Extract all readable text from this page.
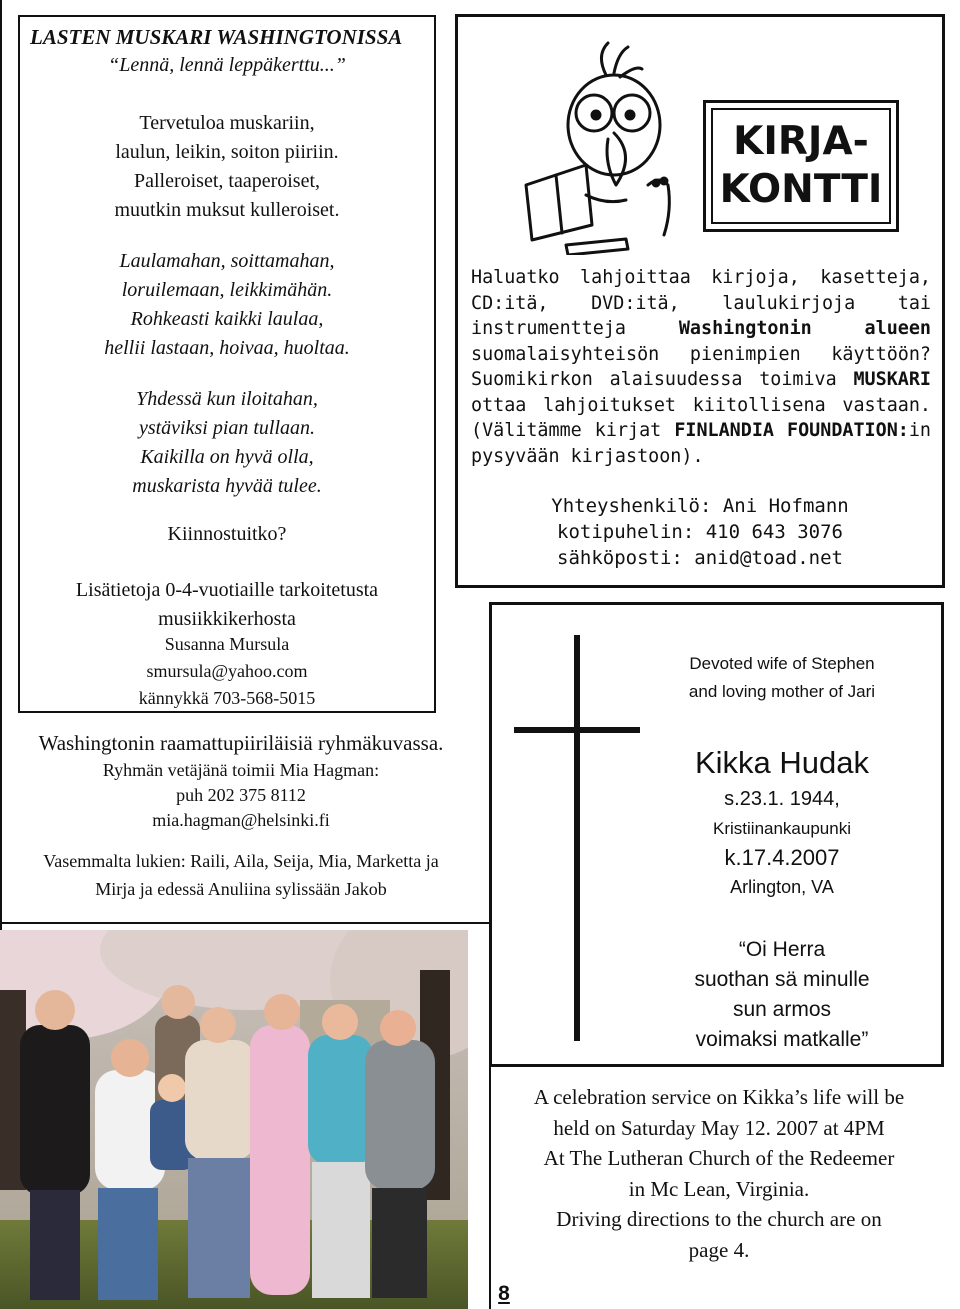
LASTEN MUSKARI WASHINGTONISSA
“Lennä, lennä leppäkerttu...”
Tervetuloa muskariin,
laulun, leikin, soiton piiriin.
Palleroiset, taaperoiset,
muutkin muksut kulleroiset.
Laulamahan, soittamahan,
loruilemaan, leikkimähän.
Rohkeasti kaikki laulaa,
hellii lastaan, hoivaa, huoltaa.
Yhdessä kun iloitahan,
ystäviksi pian tullaan.
Kaikilla on hyvä olla,
muskarista hyvää tulee.
Kiinnostuitko?
Lisätietoja 0-4-vuotiaille tarkoitetusta
musiikkikerhosta
Susanna Mursula
smursula@yahoo.com
kännykkä 703-568-5015
Washingtonin raamattupiiriläisiä ryhmäkuvassa.
Ryhmän vetäjänä toimii Mia Hagman:
puh 202 375 8112
mia.hagman@helsinki.fi
Vasemmalta lukien: Raili, Aila, Seija, Mia, Marketta ja
Mirja ja edessä Anuliina sylissään Jakob
KIRJA-
KONTTI
Haluatko lahjoittaa kirjoja, kasetteja, CD:itä, DVD:itä, laulukirjoja tai instrumentteja Washingtonin alueen suomalaisyhteisön pienimpien käyttöön? Suomikirkon alaisuudessa toimiva MUSKARI ottaa lahjoitukset kiitollisena vastaan. (Välitämme kirjat FINLANDIA FOUNDATION:in pysyvään kirjastoon).
Yhteyshenkilö: Ani Hofmann
kotipuhelin: 410 643 3076
sähköposti: anid@toad.net
Devoted wife of Stephen
and loving mother of Jari
Kikka Hudak
s.23.1. 1944,
Kristiinankaupunki
k.17.4.2007
Arlington, VA
“Oi Herra
suothan sä minulle
sun armos
voimaksi matkalle”
A celebration service on Kikka’s life will be
held on Saturday May 12. 2007 at 4PM
At The Lutheran Church of the Redeemer
in Mc Lean, Virginia.
Driving directions to the church are on
page 4.
8
